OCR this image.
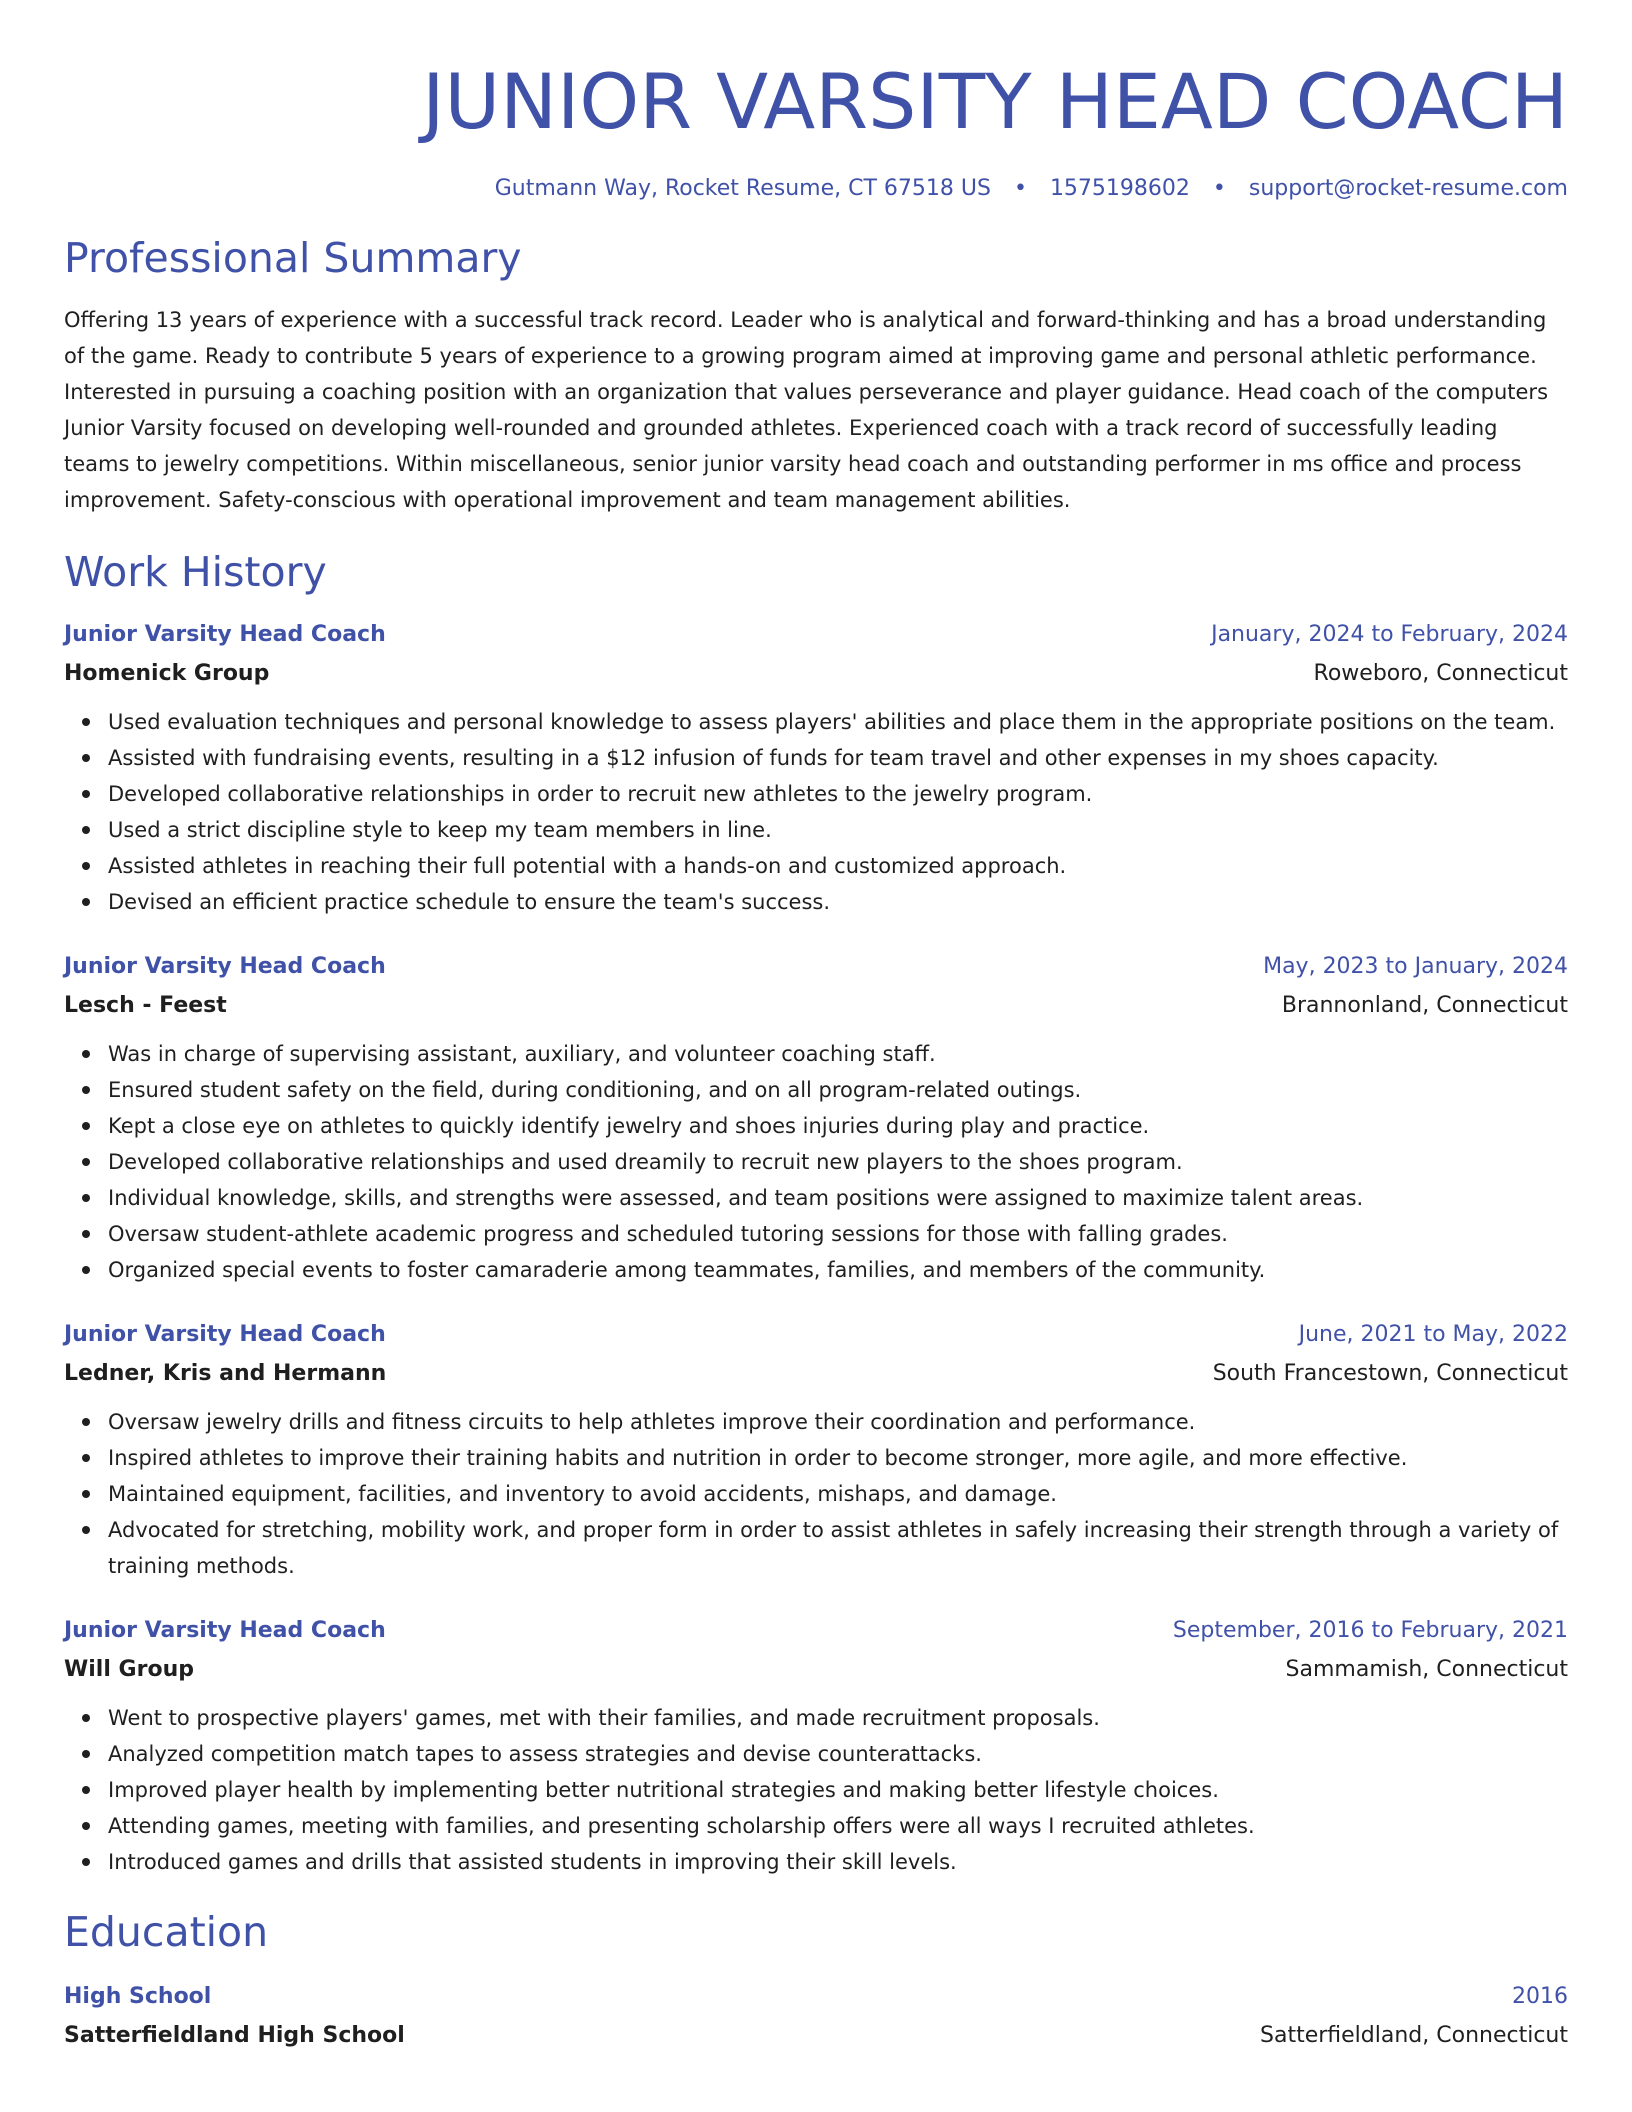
JUNIOR VARSITY HEAD COACH
Gutmann Way, Rocket Resume, CT 67518 US • 1575198602 • support@rocket-resume.com
Professional Summary

Offering 13 years of experience with a successful track record. Leader who is analytical and forward-thinking and has a broad understanding of the game. Ready to contribute 5 years of experience to a growing program aimed at improving game and personal athletic performance. Interested in pursuing a coaching position with an organization that values perseverance and player guidance. Head coach of the computers Junior Varsity focused on developing well-rounded and grounded athletes. Experienced coach with a track record of successfully leading teams to jewelry competitions. Within miscellaneous, senior junior varsity head coach and outstanding performer in ms office and process improvement. Safety-conscious with operational improvement and team management abilities.

Work History
Junior Varsity Head Coach	January, 2024 to February, 2024
Homenick Group	Roweboro, Connecticut
Used evaluation techniques and personal knowledge to assess players' abilities and place them in the appropriate positions on the team.
Assisted with fundraising events, resulting in a $12 infusion of funds for team travel and other expenses in my shoes capacity.
Developed collaborative relationships in order to recruit new athletes to the jewelry program.
Used a strict discipline style to keep my team members in line.
Assisted athletes in reaching their full potential with a hands-on and customized approach.
Devised an efficient practice schedule to ensure the team's success.
Junior Varsity Head Coach	May, 2023 to January, 2024
Lesch - Feest	Brannonland, Connecticut
Was in charge of supervising assistant, auxiliary, and volunteer coaching staff.
Ensured student safety on the field, during conditioning, and on all program-related outings.
Kept a close eye on athletes to quickly identify jewelry and shoes injuries during play and practice.
Developed collaborative relationships and used dreamily to recruit new players to the shoes program.
Individual knowledge, skills, and strengths were assessed, and team positions were assigned to maximize talent areas.
Oversaw student-athlete academic progress and scheduled tutoring sessions for those with falling grades.
Organized special events to foster camaraderie among teammates, families, and members of the community.
Junior Varsity Head Coach	June, 2021 to May, 2022
Ledner, Kris and Hermann	South Francestown, Connecticut
Oversaw jewelry drills and fitness circuits to help athletes improve their coordination and performance.
Inspired athletes to improve their training habits and nutrition in order to become stronger, more agile, and more effective.
Maintained equipment, facilities, and inventory to avoid accidents, mishaps, and damage.
Advocated for stretching, mobility work, and proper form in order to assist athletes in safely increasing their strength through a variety of training methods.
Junior Varsity Head Coach	September, 2016 to February, 2021
Will Group	Sammamish, Connecticut
Went to prospective players' games, met with their families, and made recruitment proposals.
Analyzed competition match tapes to assess strategies and devise counterattacks.
Improved player health by implementing better nutritional strategies and making better lifestyle choices.
Attending games, meeting with families, and presenting scholarship offers were all ways I recruited athletes.
Introduced games and drills that assisted students in improving their skill levels.
Education
High School	2016
Satterfieldland High School	Satterfieldland, Connecticut
